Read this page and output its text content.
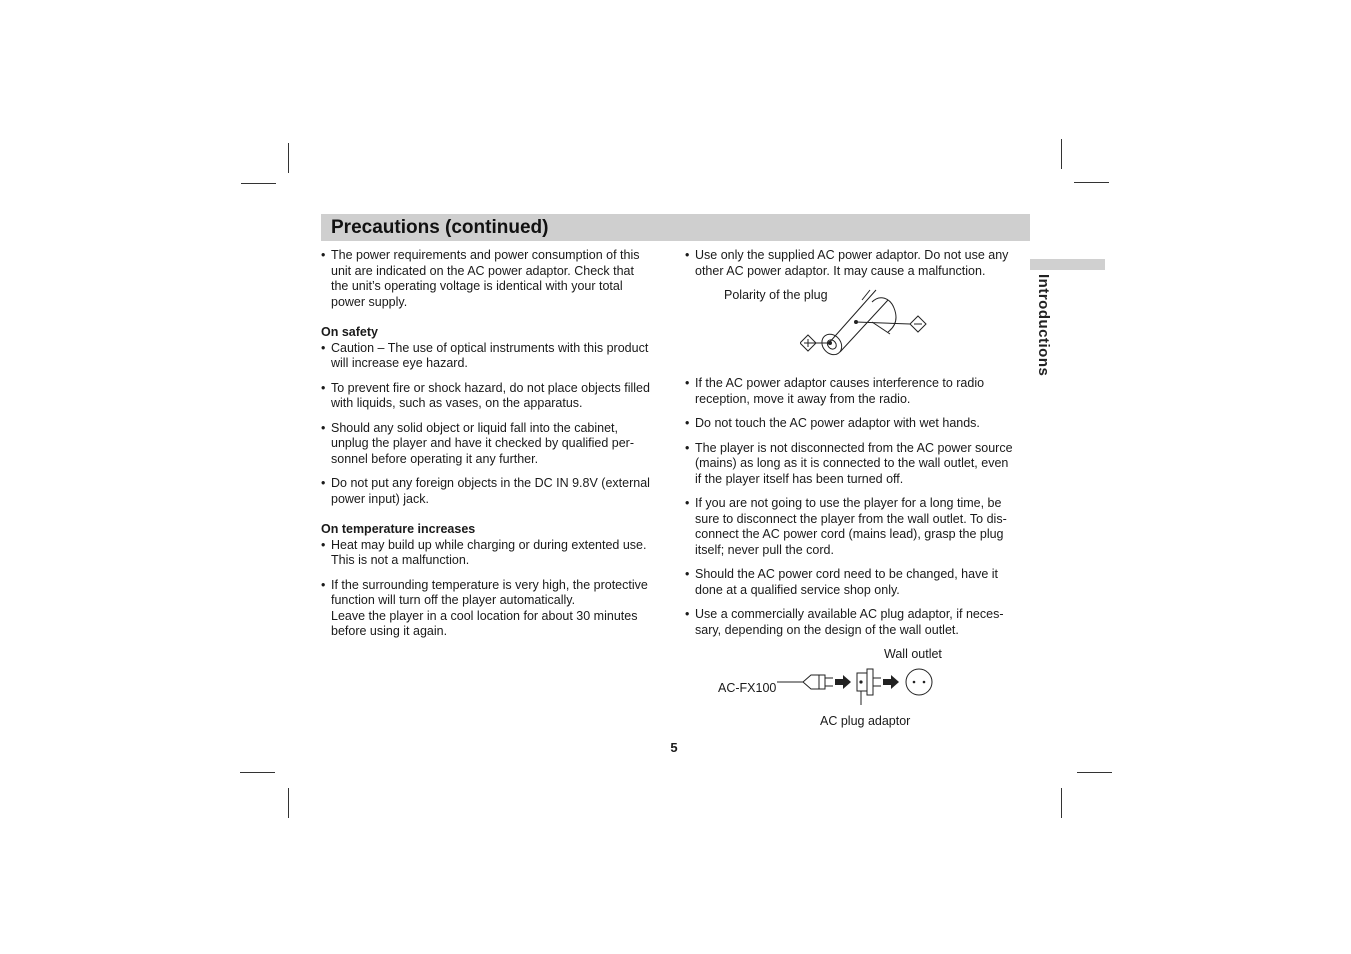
Precautions (continued)
Introductions
• The power requirements and power consumption of this
unit are indicated on the AC power adaptor. Check that
the unit’s operating voltage is identical with your total
power supply.
On safety
• Caution – The use of optical instruments with this product
will increase eye hazard.
• To prevent fire or shock hazard, do not place objects filled
with liquids, such as vases, on the apparatus.
• Should any solid object or liquid fall into the cabinet,
unplug the player and have it checked by qualified per-
sonnel before operating it any further.
• Do not put any foreign objects in the DC IN 9.8V (external
power input) jack.
On temperature increases
• Heat may build up while charging or during extented use.
This is not a malfunction.
• If the surrounding temperature is very high, the protective
function will turn off the player automatically.
Leave the player in a cool location for about 30 minutes
before using it again.
• Use only the supplied AC power adaptor. Do not use any
other AC power adaptor. It may cause a malfunction.
Polarity of the plug
• If the AC power adaptor causes interference to radio
reception, move it away from the radio.
• Do not touch the AC power adaptor with wet hands.
• The player is not disconnected from the AC power source
(mains) as long as it is connected to the wall outlet, even
if the player itself has been turned off.
• If you are not going to use the player for a long time, be
sure to disconnect the player from the wall outlet. To dis-
connect the AC power cord (mains lead), grasp the plug
itself; never pull the cord.
• Should the AC power cord need to be changed, have it
done at a qualified service shop only.
• Use a commercially available AC plug adaptor, if neces-
sary, depending on the design of the wall outlet.
Wall outlet
AC-FX100
AC plug adaptor
5
